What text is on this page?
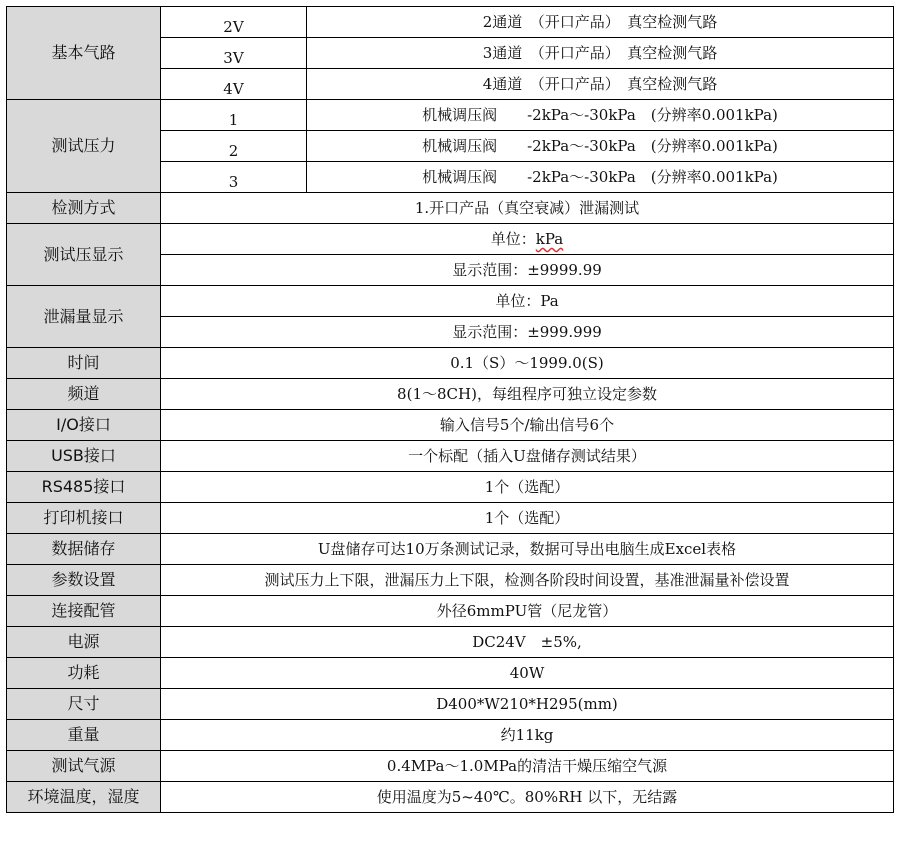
基本气路	2V	2通道　（开口产品）　真空检测气路
	3V	3通道　（开口产品）　真空检测气路
	4V	4通道　（开口产品）　真空检测气路
测试压力	1	机械调压阀　　-2kPa～-30kPa　(分辨率0.001kPa)
	2	机械调压阀　　-2kPa～-30kPa　(分辨率0.001kPa)
	3	机械调压阀　　-2kPa～-30kPa　(分辨率0.001kPa)
检测方式	1.开口产品（真空衰减）泄漏测试	
测试压显示	单位：kPa	
	显示范围：±9999.99	
泄漏量显示	单位：Pa	
	显示范围：±999.999	
时间	0.1（S）～1999.0(S)	
频道	8(1～8CH)，每组程序可独立设定参数	
I/O接口	输入信号5个/输出信号6个	
USB接口	一个标配（插入U盘储存测试结果）	
RS485接口	1个（选配）	
打印机接口	1个（选配）	
数据储存	U盘储存可达10万条测试记录，数据可导出电脑生成Excel表格	
参数设置	测试压力上下限，泄漏压力上下限，检测各阶段时间设置，基准泄漏量补偿设置	
连接配管	外径6mmPU管（尼龙管）	
电源	DC24V　±5%,	
功耗	40W	
尺寸	D400*W210*H295(mm)	
重量	约11kg	
测试气源	0.4MPa～1.0MPa的清洁干燥压缩空气源	
环境温度，湿度	使用温度为5~40℃。80%RH 以下，无结露	
